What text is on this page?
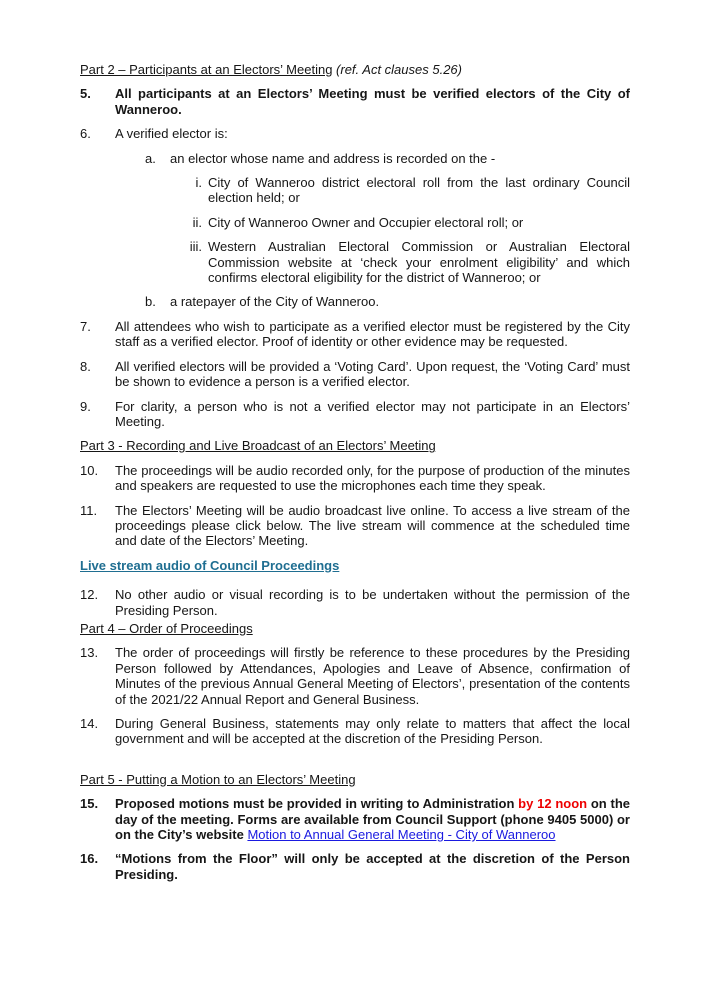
Part 2 – Participants at an Electors’ Meeting (ref. Act clauses 5.26)
5. All participants at an Electors’ Meeting must be verified electors of the City of Wanneroo.
6. A verified elector is:
a. an elector whose name and address is recorded on the -
i. City of Wanneroo district electoral roll from the last ordinary Council election held; or
ii. City of Wanneroo Owner and Occupier electoral roll; or
iii. Western Australian Electoral Commission or Australian Electoral Commission website at ‘check your enrolment eligibility’ and which confirms electoral eligibility for the district of Wanneroo; or
b. a ratepayer of the City of Wanneroo.
7. All attendees who wish to participate as a verified elector must be registered by the City staff as a verified elector. Proof of identity or other evidence may be requested.
8. All verified electors will be provided a ‘Voting Card’. Upon request, the ‘Voting Card’ must be shown to evidence a person is a verified elector.
9. For clarity, a person who is not a verified elector may not participate in an Electors’ Meeting.
Part 3 - Recording and Live Broadcast of an Electors’ Meeting
10. The proceedings will be audio recorded only, for the purpose of production of the minutes and speakers are requested to use the microphones each time they speak.
11. The Electors’ Meeting will be audio broadcast live online. To access a live stream of the proceedings please click below. The live stream will commence at the scheduled time and date of the Electors’ Meeting.
Live stream audio of Council Proceedings
12. No other audio or visual recording is to be undertaken without the permission of the Presiding Person.
Part 4 – Order of Proceedings
13. The order of proceedings will firstly be reference to these procedures by the Presiding Person followed by Attendances, Apologies and Leave of Absence, confirmation of Minutes of the previous Annual General Meeting of Electors’, presentation of the contents of the 2021/22 Annual Report and General Business.
14. During General Business, statements may only relate to matters that affect the local government and will be accepted at the discretion of the Presiding Person.
Part 5 - Putting a Motion to an Electors’ Meeting
15. Proposed motions must be provided in writing to Administration by 12 noon on the day of the meeting. Forms are available from Council Support (phone 9405 5000) or on the City’s website Motion to Annual General Meeting - City of Wanneroo
16. “Motions from the Floor” will only be accepted at the discretion of the Person Presiding.
